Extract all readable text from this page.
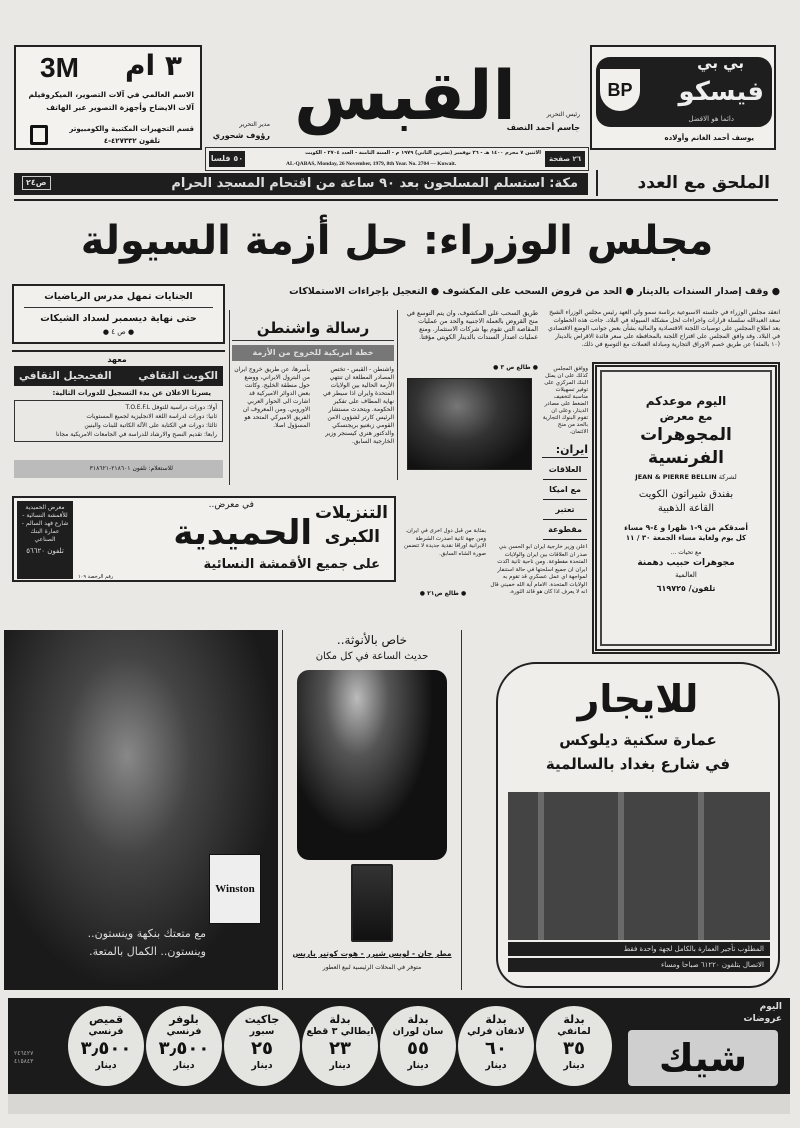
3M ٣ ام
الاسم العالمي في آلات التصوير، الميكروفيلم
آلات الايضاح وأجهزة التصوير عبر الهاتف
قسم التجهيزات المكتبية والكومبيوتر
تلفون ٤٢٧٣٣٢-٤
القبس
مدير التحرير
رؤوف شحوري
رئيس التحرير
جاسم أحمد النصف
٥٠ فلسا
الاثنين ٧ محرم ١٤٠٠ هـ - ٢٦ نوفمبر (تشرين الثاني) ١٩٧٩ م - السنة الثامنة - العدد ٢٧٠٤ - الكويت
AL-QABAS, Monday, 26 November, 1979, 8th Year. No. 2704 — Kuwait.
٢٦ صفحة
BP
بي بي
فيسكو
دائما هو الافضل
يوسف أحمد الغانم وأولاده
مكة: استسلم المسلحون بعد ٩٠ ساعة من اقتحام المسجد الحرام
ص٢٤	الملحق مع العدد
مجلس الوزراء: حل أزمة السيولة
● وقف إصدار السندات بالدينار ● الحد من قروض السحب على المكشوف ● التعجيل بإجراءات الاستملاكات
الجنايات تمهل مدرس الرياضيات
حتى نهاية ديسمبر لسداد الشيكات
● ص ٤ ●
معهد
الكويت الثقافي
الفحيحيل الثقافي
يسرنا الاعلان عن بدء التسجيل للدورات التالية:
أولا: دورات دراسية للتوفل T.O.E.F.L
ثانيا: دورات لدراسة اللغة الانجليزية لجميع المستويات
ثالثا: دورات في الكتابة على الآلة الكاتبة للبنات والبنين
رابعا: تقديم النصح والارشاد للدراسة في الجامعات الامريكية مجانا
للاستعلام: تلفون ٢١٨٦٠١-٣١٨٦٢١
رسالة واشنطن
خطة امريكية للخروج من الأزمة
واشنطن - القبس - تختص المصادر المطلعة ان تنتهي الأزمة الحالية بين الولايات المتحدة وايران اذا سيطر في نهاية المطاف على تفكير الحكومة. ويتحدث مستشار الرئيس كارتر لشؤون الامن القومي زبغنيو بريجنسكي والدكتور هنري كيسنجر وزير الخارجية السابق.
بأسرها، عن طريق خروج ايران من البترول الايراني، ووضع حول منطقة الخليج. وكانت بعض الدوائر الاميركية قد اشارت الى الحوار العربي الاوروبي. ومن المعروف ان الفريق الاميركي المتحد هو المسؤول اصلا.
طريق السحب على المكشوف، وان يتم التوسع في منح القروض بالعملة الاجنبية والحد من عمليات المقاصة التي تقوم بها شركات الاستثمار. ومنع عمليات اصدار السندات بالدينار الكويتي مؤقتا.
● طالع ص ٣ ●
انعقد مجلس الوزراء في جلسته الاسبوعية برئاسة سمو ولي العهد رئيس مجلس الوزراء الشيخ سعد العبدالله سلسلة قرارات واجراءات لحل مشكلة السيولة في البلاد. جاءت هذه الخطوات بعد اطلاع المجلس على توصيات اللجنة الاقتصادية والمالية بشأن بعض جوانب الوضع الاقتصادي في البلاد. وقد وافق المجلس على اقتراح اللجنة بالمحافظة على سعر فائدة الاقراض بالدينار (١٠ بالمئة) عن طريق خصم الاوراق التجارية ومبادلة العملات مع التوسع في ذلك.
ووافق المجلس كذلك على ان يمثل البنك المركزي على توفير تسهيلات مناسبة لتخفيف الضغط على مصادر الدينار، وعلى ان تقوم البنوك التجارية بالحد من منح الائتمان.
ايران:
العلاقات
مع اميكا
تعتبر
مقطوعة
اعلن وزير خارجية ايران ابو الحسن بني صدر ان العلاقات بين ايران والولايات المتحدة مقطوعة. ومن ناحية ثانية اكدت ايران ان جميع اسلحتها في حالة استنفار لمواجهة اي عمل عسكري قد تقوم به الولايات المتحدة. الامام آية الله خميني قال انه لا يعرف اذا كان هو قائد الثورة.
بمثابة من قبل دول اخرى في ايران. ومن جهة ثانية اصدرت الشرطة الايرانية اوراقا نقدية جديدة لا تتضمن صورة الشاه السابق.
● طالع ص٢١ ●
اليوم موعدكم
مع معرض
المجوهرات
الفرنسية
لشركة JEAN & PIERRE BELLIN
بفندق شيراتون الكويت
القاعة الذهبية
أصدقكم من ٩-١ ظهرا و ٤-٩ مساء
كل يوم ولغاية مساء الجمعة ٣٠ / ١١
مع تحيات ...
مجوهرات حبيب دهمنة
العالمية
تلفون/ ٦١٩٧٢٥
معرض الحميدية للأقمشة النسائية - شارع فهد السالم - عمارة البنك الصناعي
تلفون ٥٦٦٢٠
التنزيلات
الكبرى
في معرض..
الحميدية
على جميع الأقمشة النسائية
رقم الرخصة ١٠٩
Winston
مع متعتك بنكهة وينستون..
وينستون.. الكمال بالمتعة.
خاص بالأنوثة..
حديث الساعة في كل مكان
مطر جان - لويس شيرر - هوت كوتير باريس
متوفر في المحلات الرئيسية لبيع العطور
للايجار
عمارة سكنية ديلوكس
في شارع بغداد بالسالمية
المطلوب تأجير العمارة بالكامل لجهة واحدة فقط
الاتصال بتلفون ٦١٢٢٠ صباحا ومساء
٢٤٦٤٢٧
٤١٥٨٤٣
بدلة
لمانفي
٣٥
دينار
بدلة
لانفان فرلي
٦٠
دينار
بدلة
سان لوران
٥٥
دينار
بدلة
ايطالي ٣ قطع
٢٣
دينار
جاكيت
سبور
٢٥
دينار
بلوفر
فرنسي
٣٫٥٠٠
دينار
قميص
فرنسي
٣٫٥٠٠
دينار
اليوم
عروضات
شيك
